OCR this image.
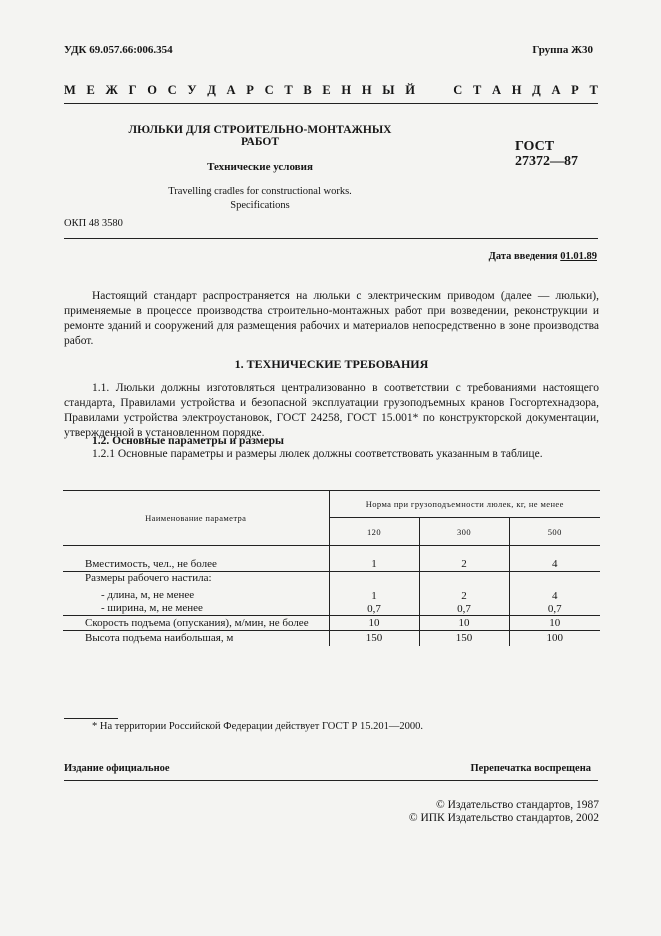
УДК 69.057.66:006.354	Группа Ж30
М Е Ж Г О С У Д А Р С Т В Е Н Н Ы Й

	С Т А Н Д А Р Т
ЛЮЛЬКИ ДЛЯ СТРОИТЕЛЬНО-МОНТАЖНЫХ
РАБОТ
Технические условия
Travelling cradles for constructional works.
Specifications
ГОСТ
27372—87
ОКП 48 3580
Дата введения 01.01.89
Настоящий стандарт распространяется на люльки с электрическим приводом (далее — люльки), применяемые в процессе производства строительно-монтажных работ при возведении, реконструкции и ремонте зданий и сооружений для размещения рабочих и материалов непосредственно в зоне производства работ.
1. ТЕХНИЧЕСКИЕ ТРЕБОВАНИЯ
1.1. Люльки должны изготовляться централизованно в соответствии с требованиями настоящего стандарта, Правилами устройства и безопасной эксплуатации грузоподъемных кранов Госгортехнадзора, Правилами устройства электроустановок, ГОСТ 24258, ГОСТ 15.001* по конструкторской документации, утвержденной в установленном порядке.
1.2. Основные параметры и размеры
1.2.1 Основные параметры и размеры люлек должны соответствовать указанным в таблице.
Наименование параметра	Норма при грузоподъемности люлек, кг, не менее		
	120	300	500

Вместимость, чел., не более	1	2	4
Размеры рабочего настила:			

- длина, м, не менее	1	2	4
- ширина, м, не менее	0,7	0,7	0,7
Скорость подъема (опускания), м/мин, не более	10	10	10
Высота подъема наибольшая, м	150	150	100
* На территории Российской Федерации действует ГОСТ Р 15.201—2000.
Издание официальное	Перепечатка воспрещена
© Издательство стандартов, 1987
© ИПК Издательство стандартов, 2002
